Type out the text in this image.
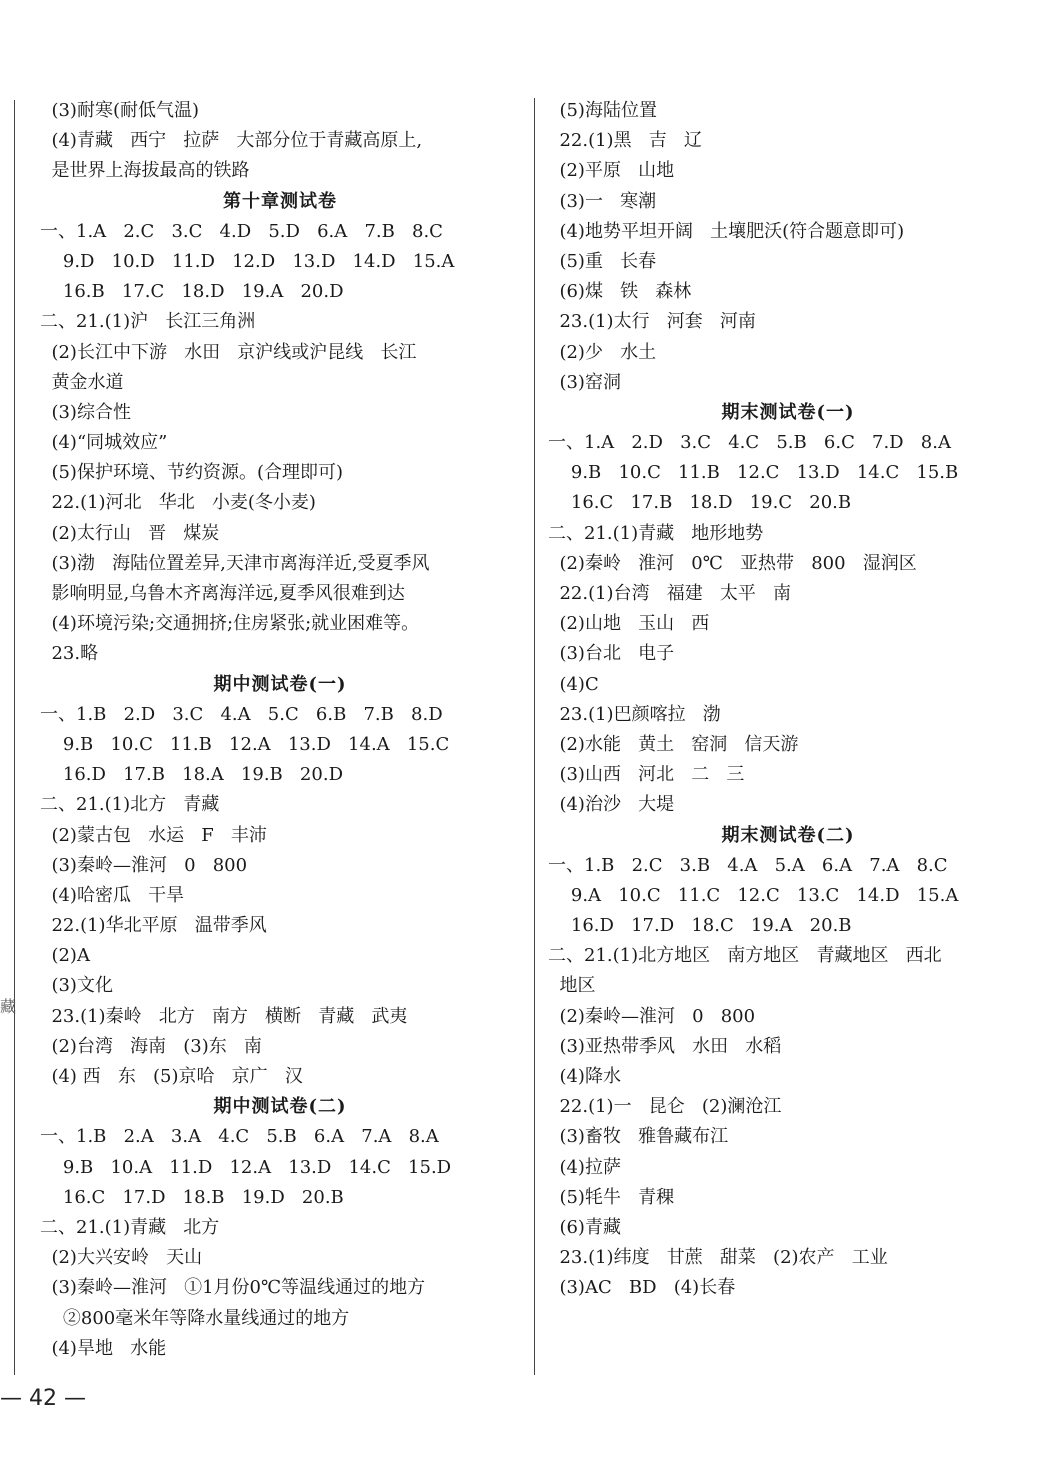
(3)耐寒(耐低气温)
(4)青藏   西宁   拉萨   大部分位于青藏高原上,
是世界上海拔最高的铁路
第十章测试卷
一、1.A   2.C   3.C   4.D   5.D   6.A   7.B   8.C
9.D   10.D   11.D   12.D   13.D   14.D   15.A
16.B   17.C   18.D   19.A   20.D
二、21.(1)沪   长江三角洲
(2)长江中下游   水田   京沪线或沪昆线   长江
黄金水道
(3)综合性
(4)“同城效应”
(5)保护环境、节约资源。(合理即可)
22.(1)河北   华北   小麦(冬小麦)
(2)太行山   晋   煤炭
(3)渤   海陆位置差异,天津市离海洋近,受夏季风
影响明显,乌鲁木齐离海洋远,夏季风很难到达
(4)环境污染;交通拥挤;住房紧张;就业困难等。
23.略
期中测试卷(一)
一、1.B   2.D   3.C   4.A   5.C   6.B   7.B   8.D
9.B   10.C   11.B   12.A   13.D   14.A   15.C
16.D   17.B   18.A   19.B   20.D
二、21.(1)北方   青藏
(2)蒙古包   水运   F   丰沛
(3)秦岭—淮河   0   800
(4)哈密瓜   干旱
22.(1)华北平原   温带季风
(2)A
(3)文化
23.(1)秦岭   北方   南方   横断   青藏   武夷
(2)台湾   海南   (3)东   南
(4) 西   东   (5)京哈   京广   汉
期中测试卷(二)
一、1.B   2.A   3.A   4.C   5.B   6.A   7.A   8.A
9.B   10.A   11.D   12.A   13.D   14.C   15.D
16.C   17.D   18.B   19.D   20.B
二、21.(1)青藏   北方
(2)大兴安岭   天山
(3)秦岭—淮河   ①1月份0℃等温线通过的地方
②800毫米年等降水量线通过的地方
(4)旱地   水能
(5)海陆位置
22.(1)黑   吉   辽
(2)平原   山地
(3)一   寒潮
(4)地势平坦开阔   土壤肥沃(符合题意即可)
(5)重   长春
(6)煤   铁   森林
23.(1)太行   河套   河南
(2)少   水土
(3)窑洞
期末测试卷(一)
一、1.A   2.D   3.C   4.C   5.B   6.C   7.D   8.A
9.B   10.C   11.B   12.C   13.D   14.C   15.B
16.C   17.B   18.D   19.C   20.B
二、21.(1)青藏   地形地势
(2)秦岭   淮河   0℃   亚热带   800   湿润区
22.(1)台湾   福建   太平   南
(2)山地   玉山   西
(3)台北   电子
(4)C
23.(1)巴颜喀拉   渤
(2)水能   黄土   窑洞   信天游
(3)山西   河北   二   三
(4)治沙   大堤
期末测试卷(二)
一、1.B   2.C   3.B   4.A   5.A   6.A   7.A   8.C
9.A   10.C   11.C   12.C   13.C   14.D   15.A
16.D   17.D   18.C   19.A   20.B
二、21.(1)北方地区   南方地区   青藏地区   西北
地区
(2)秦岭—淮河   0   800
(3)亚热带季风   水田   水稻
(4)降水
22.(1)一   昆仑   (2)澜沧江
(3)畜牧   雅鲁藏布江
(4)拉萨
(5)牦牛   青稞
(6)青藏
23.(1)纬度   甘蔗   甜菜   (2)农产   工业
(3)AC   BD   (4)长春
藏
— 42 —
